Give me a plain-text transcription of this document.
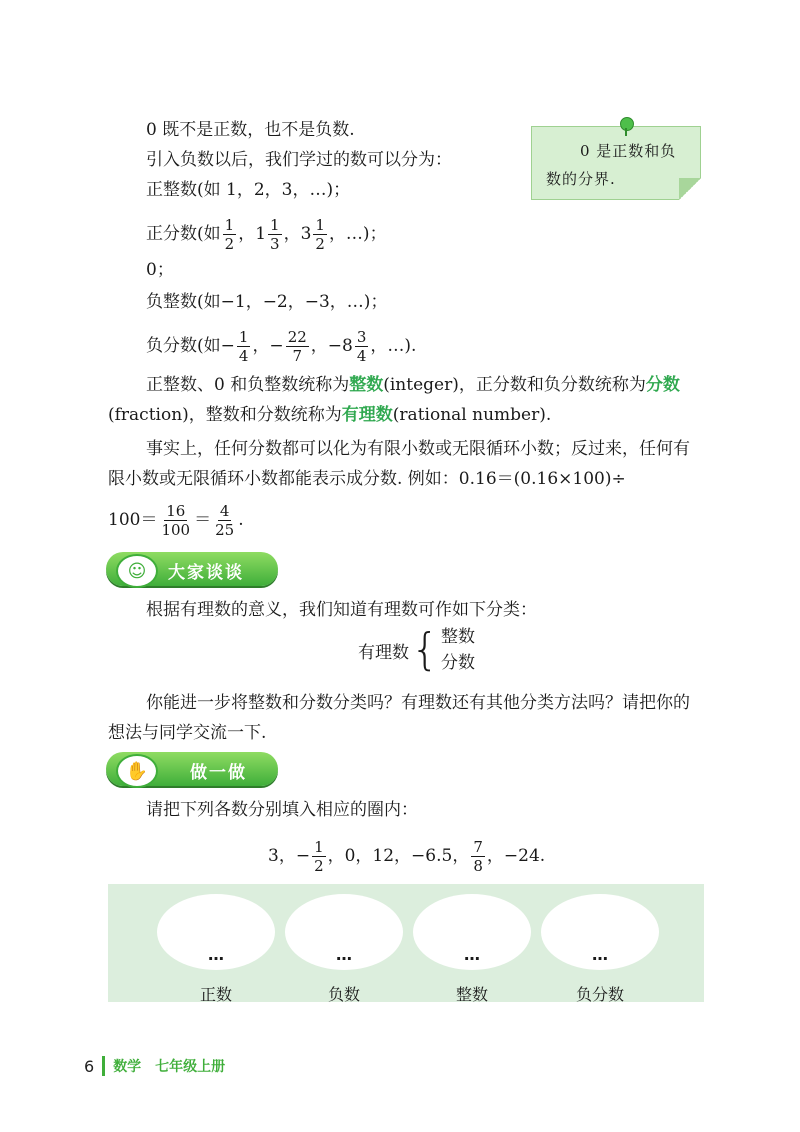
0 既不是正数，也不是负数.
引入负数以后，我们学过的数可以分为：
正整数(如 1，2，3，…)；
正分数(如 $\frac{1}{2}$ ，$1 \frac{1}{3}$ ，$3 \frac{1}{2}$ ，…)；
0；
负整数(如−1，−2，−3，…)；
负分数(如− $\frac{1}{4}$ ，− $\frac{22}{7}$ ，$-8 \frac{3}{4}$ ，…).
正整数、0 和负整数统称为整数(integer)，正分数和负分数统称为分数(fraction)，整数和分数统称为有理数(rational number).
事实上，任何分数都可以化为有限小数或无限循环小数；反过来，任何有限小数或无限循环小数都能表示成分数. 例如：0.16＝(0.16×100)÷
$100= \frac{16}{100} = \frac{4}{25}$ .
0 是正数和负数的分界.
☺	大家谈谈
根据有理数的意义，我们知道有理数可作如下分类：
有理数 { 整数
分数
你能进一步将整数和分数分类吗？有理数还有其他分类方法吗？请把你的想法与同学交流一下.
✋	做一做
请把下列各数分别填入相应的圈内：
3，− $\frac{1}{2}$ ，0，12，−6.5， $\frac{7}{8}$ ，−24.
…
正数
…
负数
…
整数
…
负分数
6 数学　七年级上册
